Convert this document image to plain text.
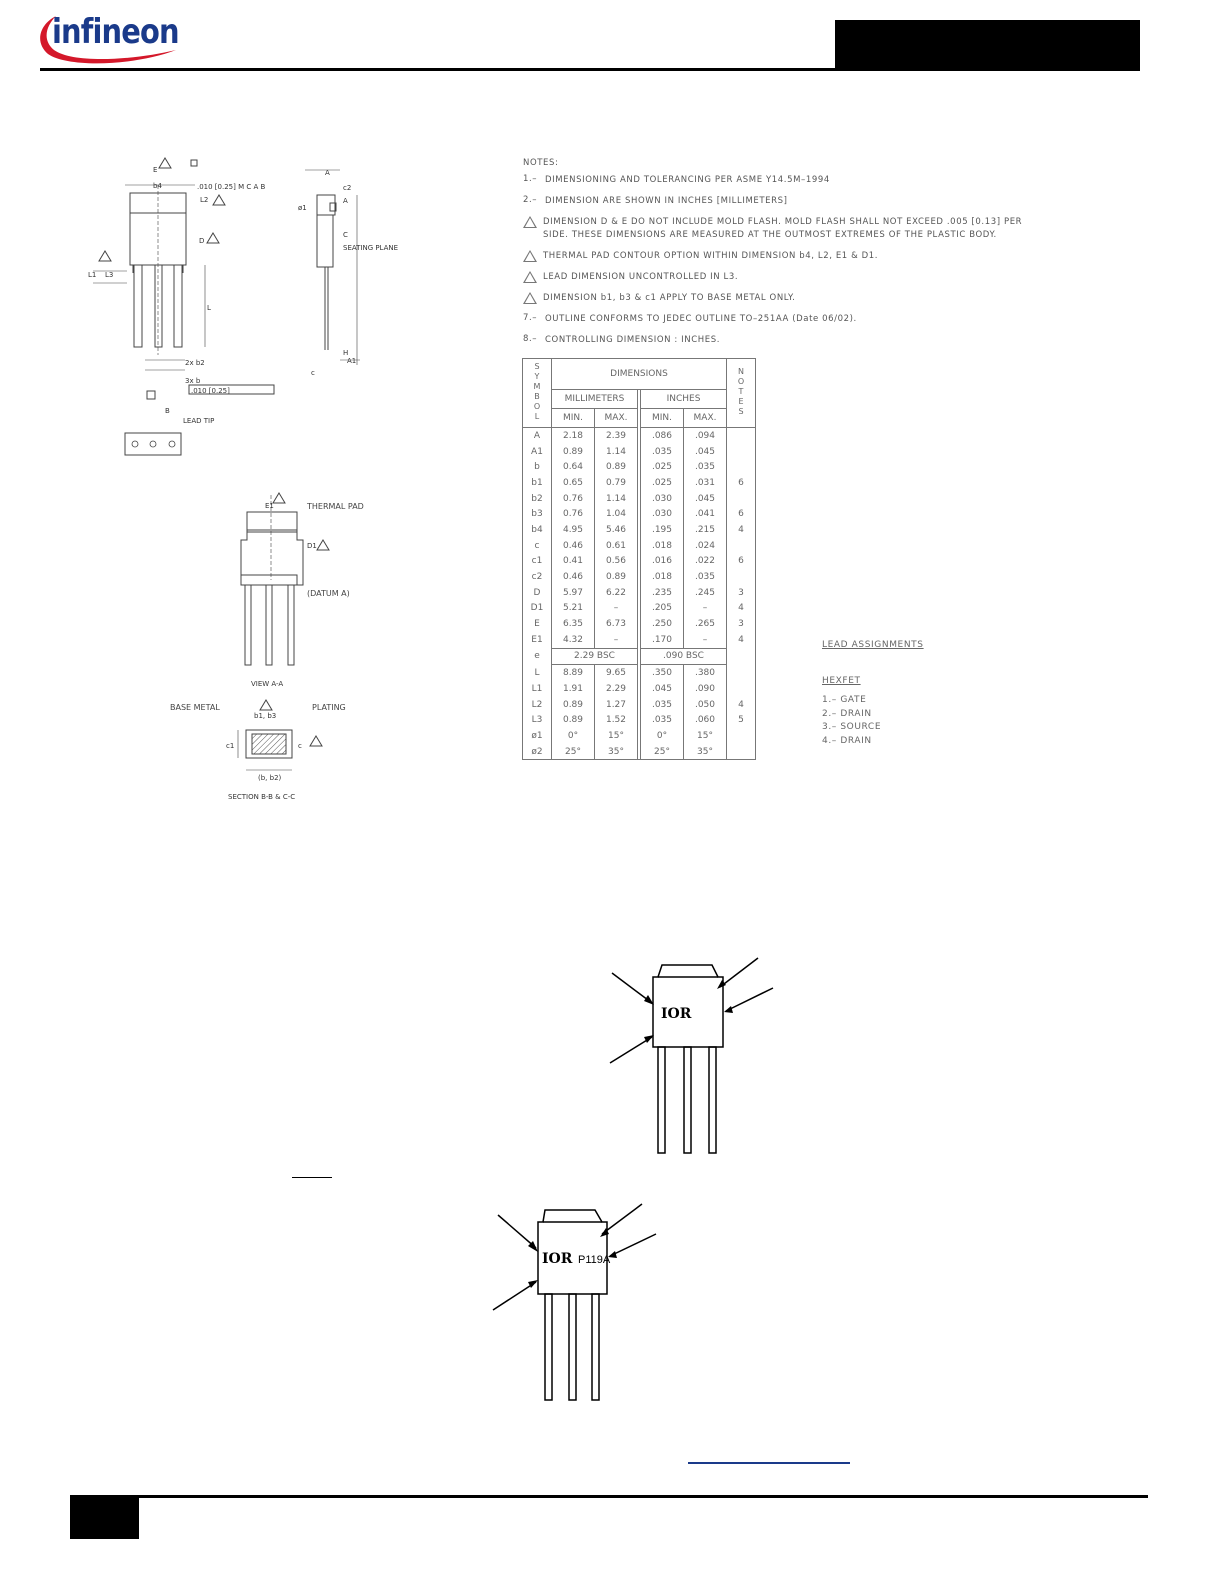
infineon
E
b4	.010 [0.25] M C A B
L2
D
L1 L3
L
2x b2
3x b
B
.010 [0.25]
LEAD TIP
A
c2
A
ø1
C
SEATING PLANE
H
A1
c
E1
D1
THERMAL PAD
(DATUM A)
VIEW A-A
b1, b3
c1	c
(b, b2)
BASE METAL	PLATING
SECTION B-B & C-C
NOTES:
1.– DIMENSIONING AND TOLERANCING PER ASME Y14.5M–1994
2.– DIMENSION ARE SHOWN IN INCHES [MILLIMETERS]
DIMENSION D & E DO NOT INCLUDE MOLD FLASH. MOLD FLASH SHALL NOT EXCEED .005 [0.13] PER SIDE. THESE DIMENSIONS ARE MEASURED AT THE OUTMOST EXTREMES OF THE PLASTIC BODY.
THERMAL PAD CONTOUR OPTION WITHIN DIMENSION b4, L2, E1 & D1.
LEAD DIMENSION UNCONTROLLED IN L3.
DIMENSION b1, b3 & c1 APPLY TO BASE METAL ONLY.
7.– OUTLINE CONFORMS TO JEDEC OUTLINE TO–251AA (Date 06/02).
8.– CONTROLLING DIMENSION : INCHES.
SYMBOL	DIMENSIONS					NOTES
	MILLIMETERS			INCHES		
	MIN.	MAX.		MIN.	MAX.	
A	2.18	2.39		.086	.094	
A1	0.89	1.14		.035	.045	
b	0.64	0.89		.025	.035	
b1	0.65	0.79		.025	.031	6
b2	0.76	1.14		.030	.045	
b3	0.76	1.04		.030	.041	6
b4	4.95	5.46		.195	.215	4
c	0.46	0.61		.018	.024	
c1	0.41	0.56		.016	.022	6
c2	0.46	0.89		.018	.035	
D	5.97	6.22		.235	.245	3
D1	5.21	–		.205	–	4
E	6.35	6.73		.250	.265	3
E1	4.32	–		.170	–	4
e	2.29 BSC			.090 BSC		
L	8.89	9.65		.350	.380	
L1	1.91	2.29		.045	.090	
L2	0.89	1.27		.035	.050	4
L3	0.89	1.52		.035	.060	5
ø1	0°	15°		0°	15°	
ø2	25°	35°		25°	35°	
LEAD ASSIGNMENTS
HEXFET
1.– GATE
2.– DRAIN
3.– SOURCE
4.– DRAIN
IOR
IOR P119A
